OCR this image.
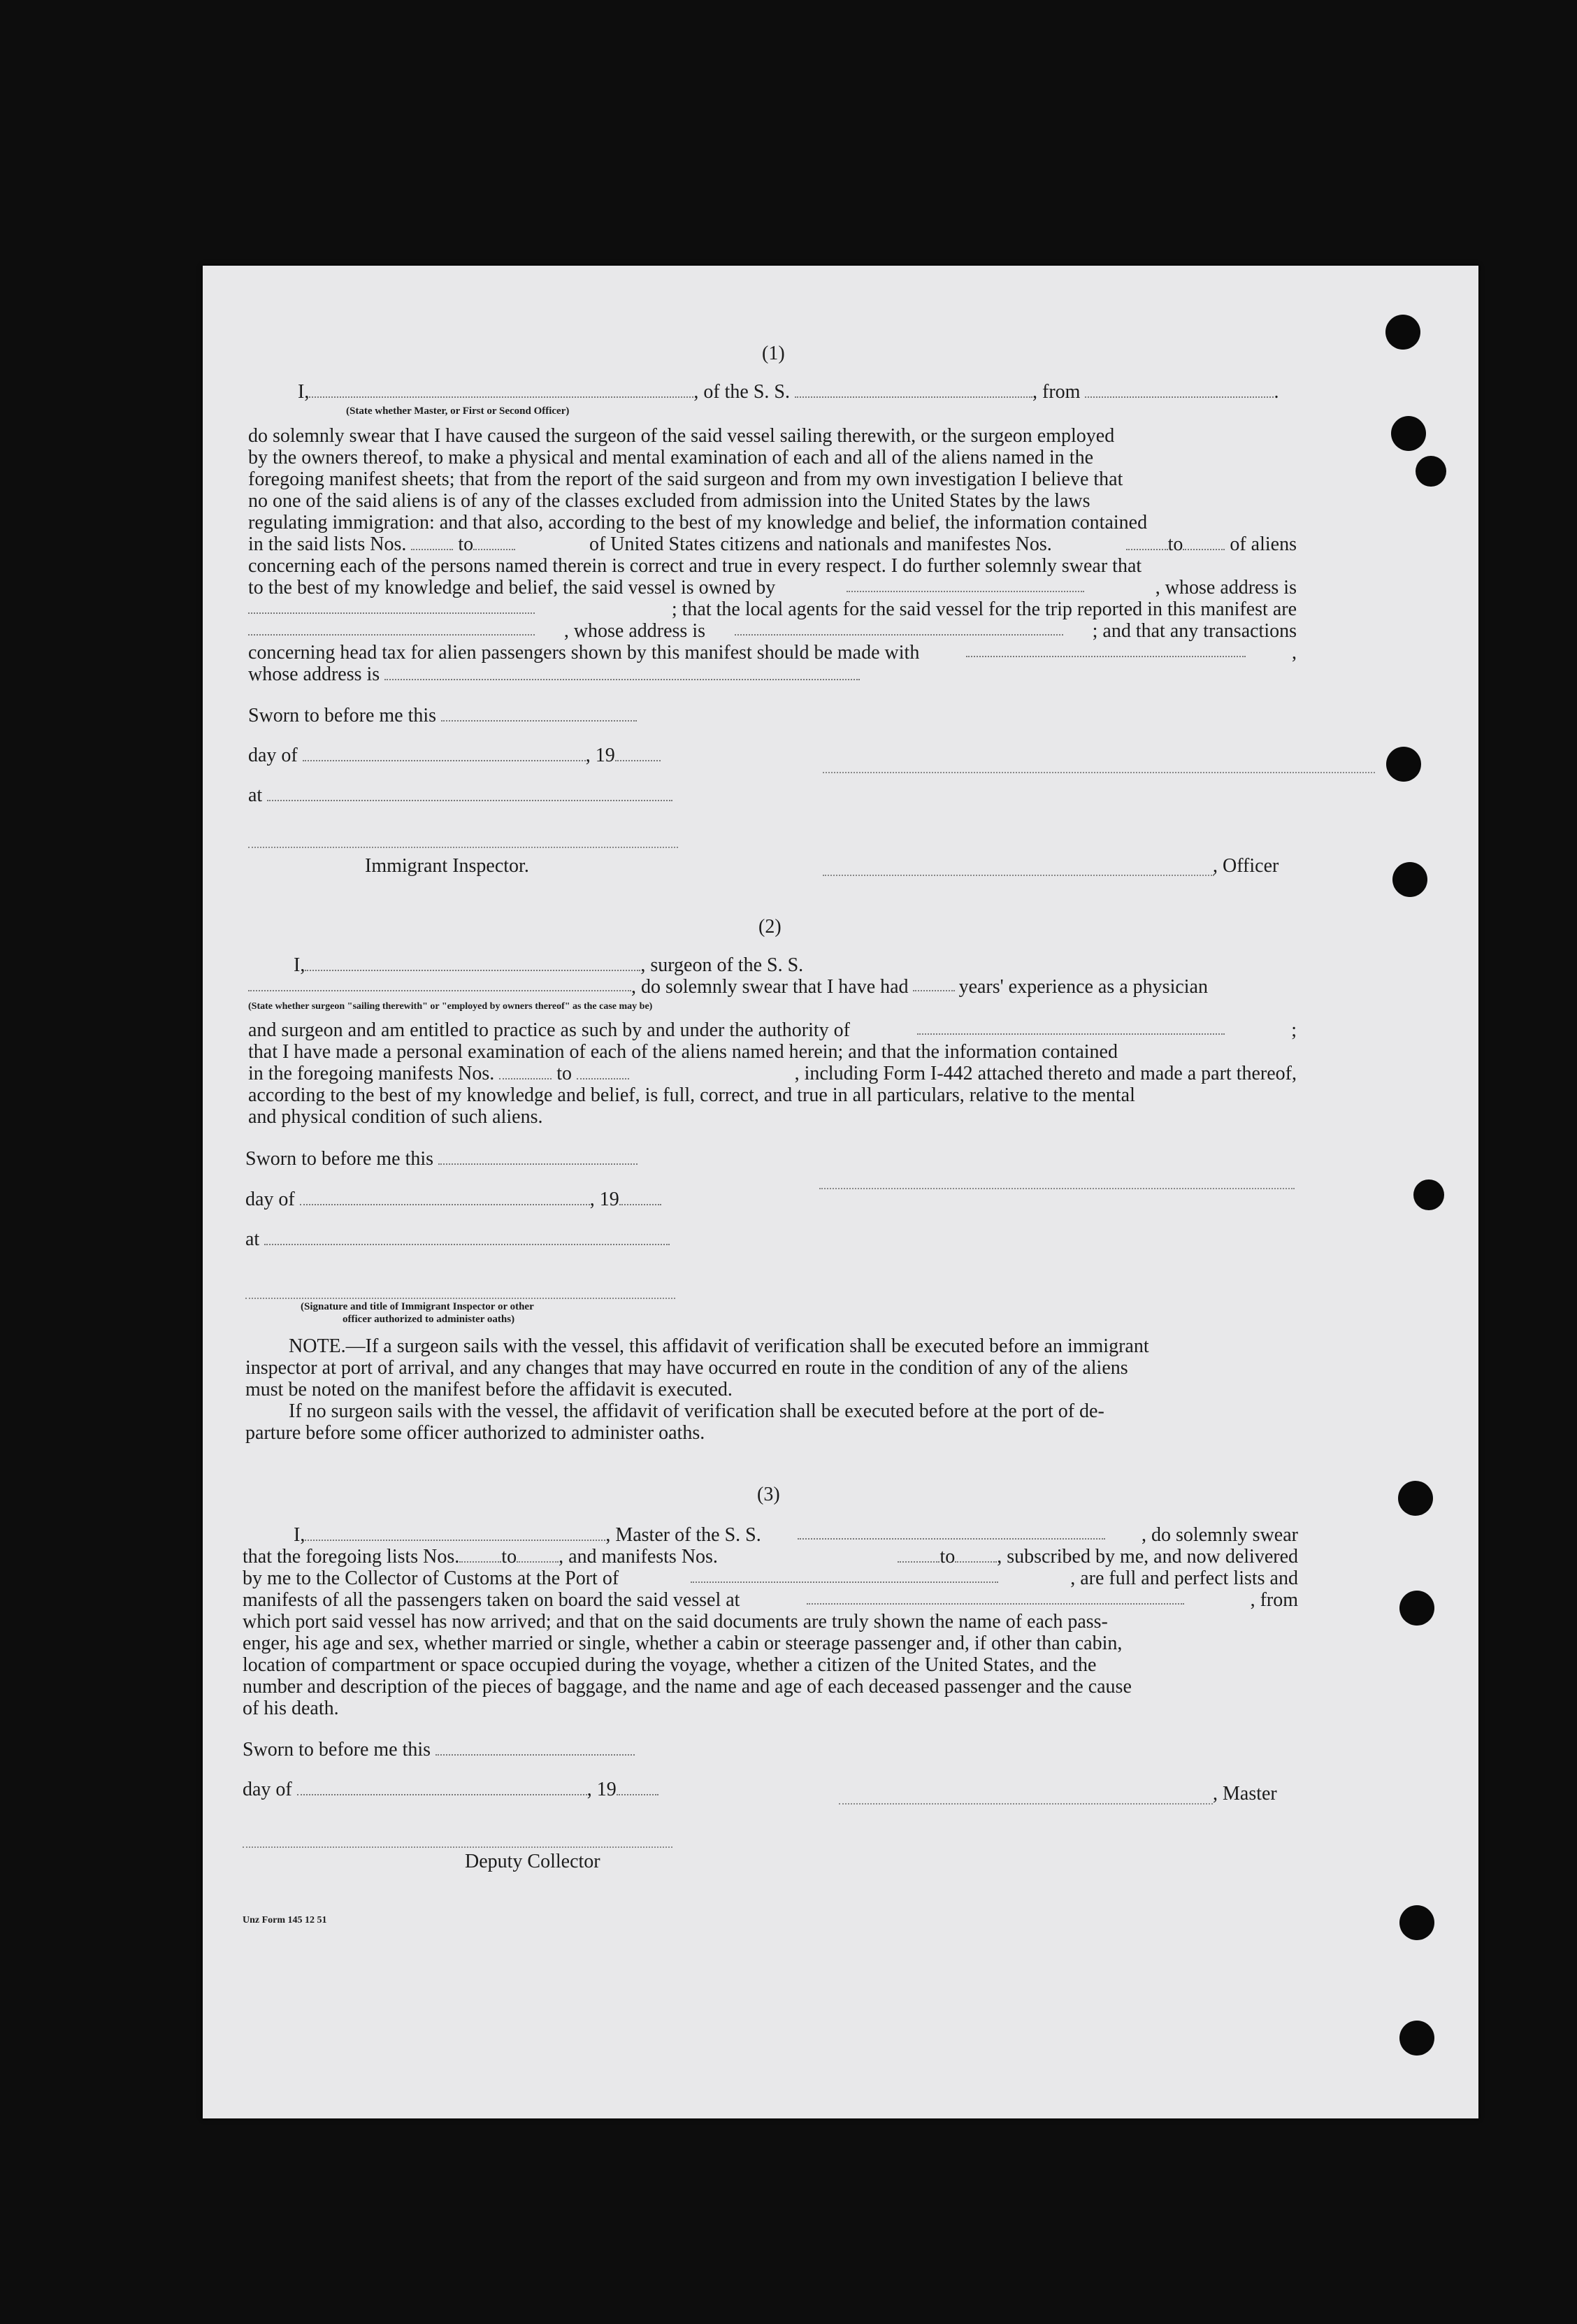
(1)
I,	, of the S. S.	, from	.
(State whether Master, or First or Second Officer)
do solemnly swear that I have caused the surgeon of the said vessel sailing therewith, or the surgeon employed
by the owners thereof, to make a physical and mental examination of each and all of the aliens named in the
foregoing manifest sheets; that from the report of the said surgeon and from my own investigation I believe that
no one of the said aliens is of any of the classes excluded from admission into the United States by the laws
regulating immigration: and that also, according to the best of my knowledge and belief, the information contained
in the said lists Nos.	to	of United States citizens and nationals and manifestes Nos.	to of aliens
concerning each of the persons named therein is correct and true in every respect. I do further solemnly swear that
to the best of my knowledge and belief, the said vessel is owned by	, whose address is
; that the local agents for the said vessel for the trip reported in this manifest are
, whose address is	; and that any transactions
concerning head tax for alien passengers shown by this manifest should be made with	,
whose address is
Sworn to before me this
day of	, 19
at
Immigrant Inspector.	, Officer
(2)
I,	, surgeon of the S. S.
, do solemnly swear that I have had	years' experience as a physician
(State whether surgeon "sailing therewith" or "employed by owners thereof" as the case may be)
and surgeon and am entitled to practice as such by and under the authority of	;
that I have made a personal examination of each of the aliens named herein; and that the information contained
in the foregoing manifests Nos.	to	, including Form I-442 attached thereto and made a part thereof,
according to the best of my knowledge and belief, is full, correct, and true in all particulars, relative to the mental
and physical condition of such aliens.
Sworn to before me this
day of	, 19
at
(Signature and title of Immigrant Inspector or other
officer authorized to administer oaths)
NOTE.—If a surgeon sails with the vessel, this affidavit of verification shall be executed before an immigrant
inspector at port of arrival, and any changes that may have occurred en route in the condition of any of the aliens
must be noted on the manifest before the affidavit is executed.
If no surgeon sails with the vessel, the affidavit of verification shall be executed before at the port of de-
parture before some officer authorized to administer oaths.
(3)
I,	, Master of the S. S.	, do solemnly swear
that the foregoing lists Nos. to , and manifests Nos.	to , subscribed by me, and now delivered
by me to the Collector of Customs at the Port of	, are full and perfect lists and
manifests of all the passengers taken on board the said vessel at	, from
which port said vessel has now arrived; and that on the said documents are truly shown the name of each pass-
enger, his age and sex, whether married or single, whether a cabin or steerage passenger and, if other than cabin,
location of compartment or space occupied during the voyage, whether a citizen of the United States, and the
number and description of the pieces of baggage, and the name and age of each deceased passenger and the cause
of his death.
Sworn to before me this
day of	, 19	, Master
Deputy Collector
Unz Form 145 12 51
